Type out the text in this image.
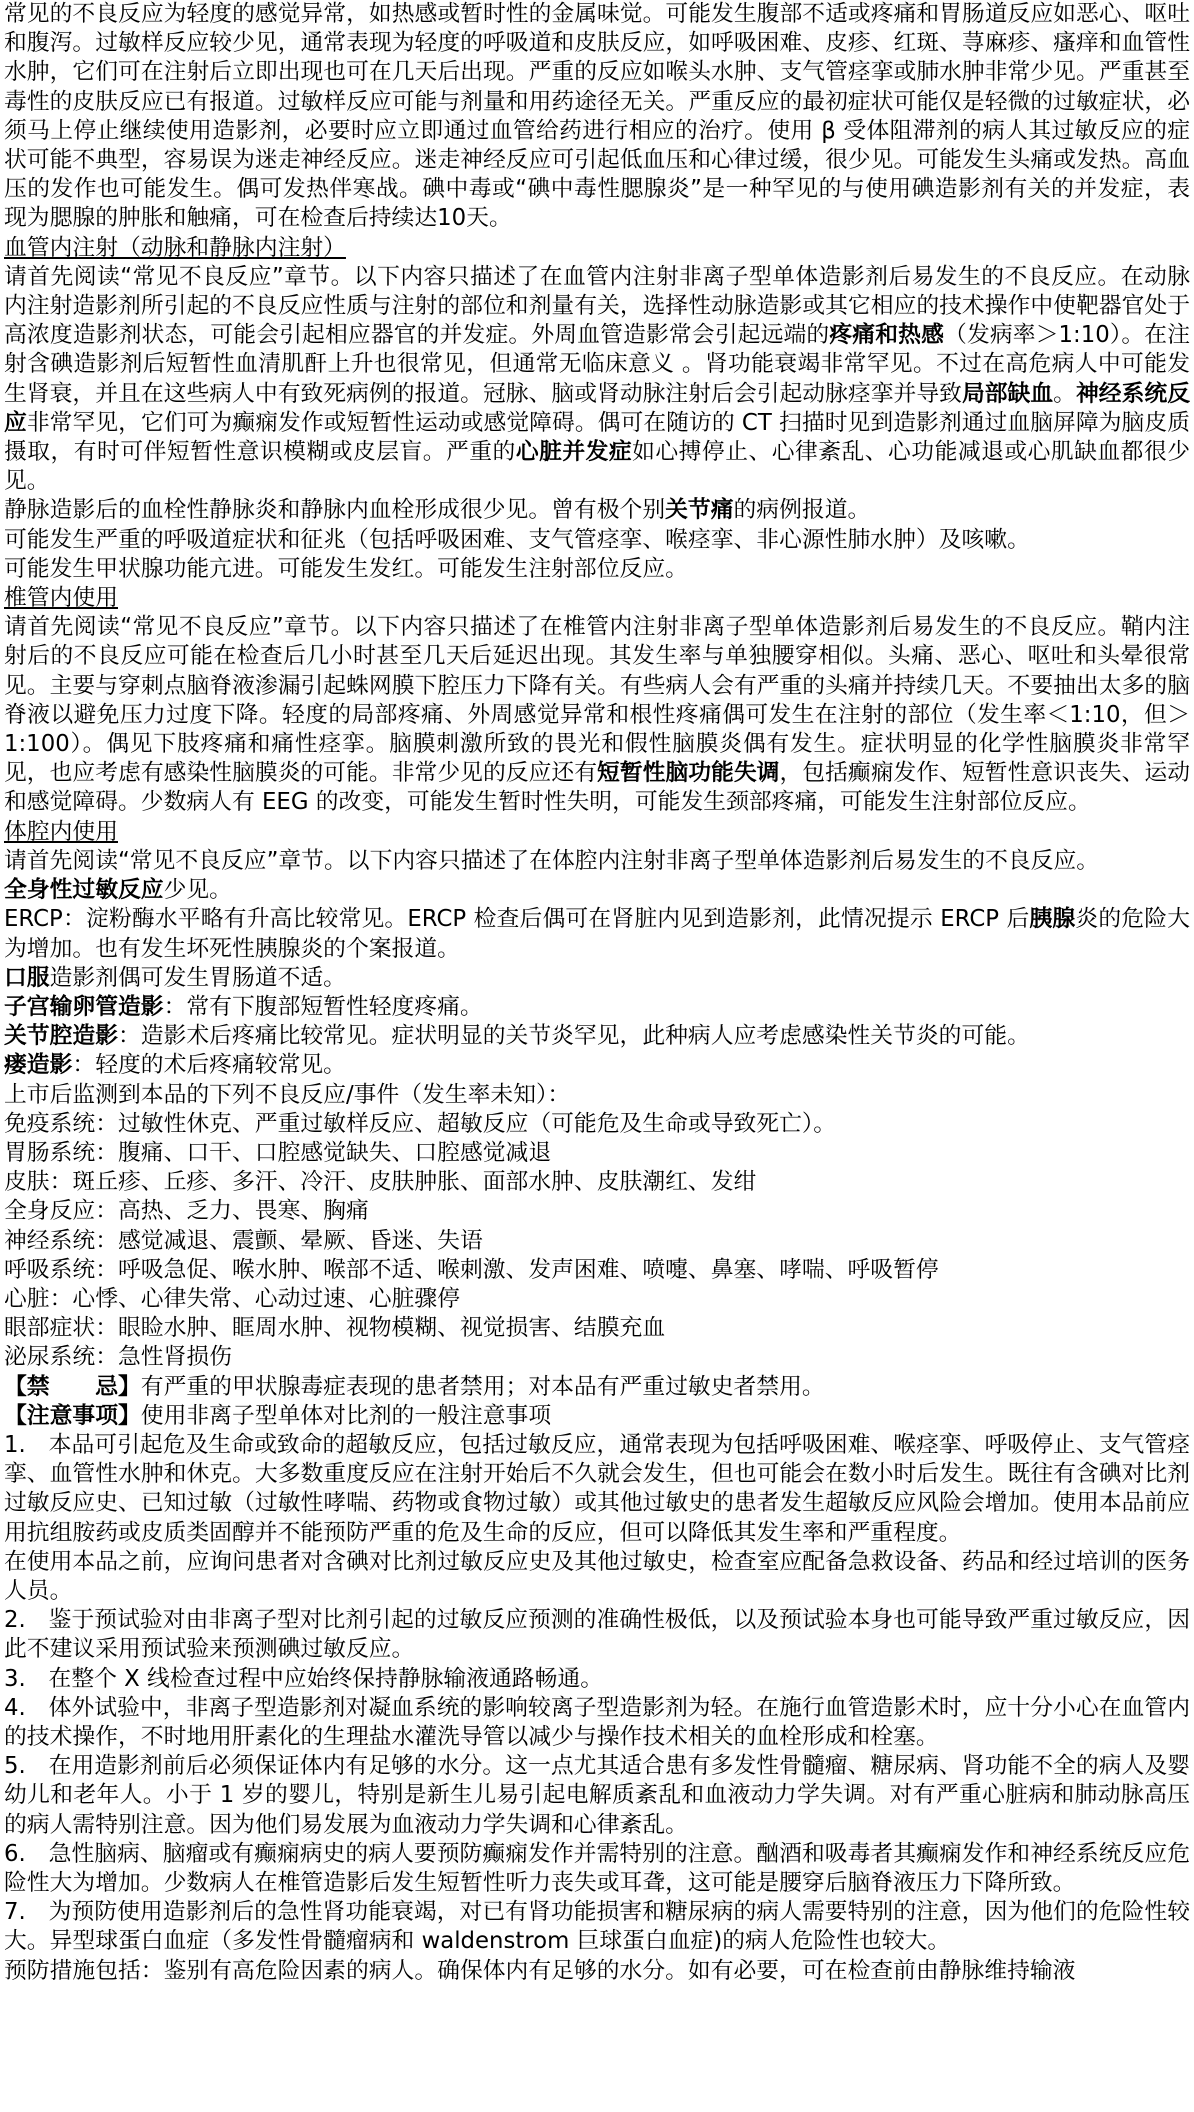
常见的不良反应为轻度的感觉异常，如热感或暂时性的金属味觉。可能发生腹部不适或疼痛和胃肠道反应如恶心、呕吐和腹泻。过敏样反应较少见，通常表现为轻度的呼吸道和皮肤反应，如呼吸困难、皮疹、红斑、荨麻疹、瘙痒和血管性水肿，它们可在注射后立即出现也可在几天后出现。严重的反应如喉头水肿、支气管痉挛或肺水肿非常少见。严重甚至毒性的皮肤反应已有报道。过敏样反应可能与剂量和用药途径无关。严重反应的最初症状可能仅是轻微的过敏症状，必须马上停止继续使用造影剂，必要时应立即通过血管给药进行相应的治疗。使用 β 受体阻滞剂的病人其过敏反应的症状可能不典型，容易误为迷走神经反应。迷走神经反应可引起低血压和心律过缓，很少见。可能发生头痛或发热。高血压的发作也可能发生。偶可发热伴寒战。碘中毒或“碘中毒性腮腺炎”是一种罕见的与使用碘造影剂有关的并发症，表现为腮腺的肿胀和触痛，可在检查后持续达10天。

血管内注射（动脉和静脉内注射）

请首先阅读“常见不良反应”章节。以下内容只描述了在血管内注射非离子型单体造影剂后易发生的不良反应。在动脉内注射造影剂所引起的不良反应性质与注射的部位和剂量有关，选择性动脉造影或其它相应的技术操作中使靶器官处于高浓度造影剂状态，可能会引起相应器官的并发症。外周血管造影常会引起远端的疼痛和热感（发病率＞1:10）。在注射含碘造影剂后短暂性血清肌酐上升也很常见，但通常无临床意义 。肾功能衰竭非常罕见。不过在高危病人中可能发生肾衰，并且在这些病人中有致死病例的报道。冠脉、脑或肾动脉注射后会引起动脉痉挛并导致局部缺血。神经系统反应非常罕见，它们可为癫痫发作或短暂性运动或感觉障碍。偶可在随访的 CT 扫描时见到造影剂通过血脑屏障为脑皮质摄取，有时可伴短暂性意识模糊或皮层盲。严重的心脏并发症如心搏停止、心律紊乱、心功能减退或心肌缺血都很少见。

静脉造影后的血栓性静脉炎和静脉内血栓形成很少见。曾有极个别关节痛的病例报道。

可能发生严重的呼吸道症状和征兆（包括呼吸困难、支气管痉挛、喉痉挛、非心源性肺水肿）及咳嗽。

可能发生甲状腺功能亢进。可能发生发红。可能发生注射部位反应。

椎管内使用

请首先阅读“常见不良反应”章节。以下内容只描述了在椎管内注射非离子型单体造影剂后易发生的不良反应。鞘内注射后的不良反应可能在检查后几小时甚至几天后延迟出现。其发生率与单独腰穿相似。头痛、恶心、呕吐和头晕很常见。主要与穿刺点脑脊液渗漏引起蛛网膜下腔压力下降有关。有些病人会有严重的头痛并持续几天。不要抽出太多的脑脊液以避免压力过度下降。轻度的局部疼痛、外周感觉异常和根性疼痛偶可发生在注射的部位（发生率＜1:10，但＞1:100）。偶见下肢疼痛和痛性痉挛。脑膜刺激所致的畏光和假性脑膜炎偶有发生。症状明显的化学性脑膜炎非常罕见，也应考虑有感染性脑膜炎的可能。非常少见的反应还有短暂性脑功能失调，包括癫痫发作、短暂性意识丧失、运动和感觉障碍。少数病人有 EEG 的改变，可能发生暂时性失明，可能发生颈部疼痛，可能发生注射部位反应。

体腔内使用

请首先阅读“常见不良反应”章节。以下内容只描述了在体腔内注射非离子型单体造影剂后易发生的不良反应。

全身性过敏反应少见。

ERCP：淀粉酶水平略有升高比较常见。ERCP 检查后偶可在肾脏内见到造影剂，此情况提示 ERCP 后胰腺炎的危险大为增加。也有发生坏死性胰腺炎的个案报道。

口服造影剂偶可发生胃肠道不适。

子宫输卵管造影：常有下腹部短暂性轻度疼痛。

关节腔造影：造影术后疼痛比较常见。症状明显的关节炎罕见，此种病人应考虑感染性关节炎的可能。

瘘造影：轻度的术后疼痛较常见。

上市后监测到本品的下列不良反应/事件（发生率未知）：

免疫系统：过敏性休克、严重过敏样反应、超敏反应（可能危及生命或导致死亡）。

胃肠系统：腹痛、口干、口腔感觉缺失、口腔感觉减退

皮肤：斑丘疹、丘疹、多汗、冷汗、皮肤肿胀、面部水肿、皮肤潮红、发绀

全身反应：高热、乏力、畏寒、胸痛

神经系统：感觉减退、震颤、晕厥、昏迷、失语

呼吸系统：呼吸急促、喉水肿、喉部不适、喉刺激、发声困难、喷嚏、鼻塞、哮喘、呼吸暂停

心脏：心悸、心律失常、心动过速、心脏骤停

眼部症状：眼睑水肿、眶周水肿、视物模糊、视觉损害、结膜充血

泌尿系统：急性肾损伤

【禁　　忌】有严重的甲状腺毒症表现的患者禁用；对本品有严重过敏史者禁用。

【注意事项】使用非离子型单体对比剂的一般注意事项

1.　本品可引起危及生命或致命的超敏反应，包括过敏反应，通常表现为包括呼吸困难、喉痉挛、呼吸停止、支气管痉挛、血管性水肿和休克。大多数重度反应在注射开始后不久就会发生，但也可能会在数小时后发生。既往有含碘对比剂过敏反应史、已知过敏（过敏性哮喘、药物或食物过敏）或其他过敏史的患者发生超敏反应风险会增加。使用本品前应用抗组胺药或皮质类固醇并不能预防严重的危及生命的反应，但可以降低其发生率和严重程度。

在使用本品之前，应询问患者对含碘对比剂过敏反应史及其他过敏史，检查室应配备急救设备、药品和经过培训的医务人员。

2.　鉴于预试验对由非离子型对比剂引起的过敏反应预测的准确性极低，以及预试验本身也可能导致严重过敏反应，因此不建议采用预试验来预测碘过敏反应。

3.　在整个 X 线检查过程中应始终保持静脉输液通路畅通。

4.　体外试验中，非离子型造影剂对凝血系统的影响较离子型造影剂为轻。在施行血管造影术时，应十分小心在血管内的技术操作，不时地用肝素化的生理盐水灌洗导管以减少与操作技术相关的血栓形成和栓塞。

5.　在用造影剂前后必须保证体内有足够的水分。这一点尤其适合患有多发性骨髓瘤、糖尿病、肾功能不全的病人及婴幼儿和老年人。小于 1 岁的婴儿，特别是新生儿易引起电解质紊乱和血液动力学失调。对有严重心脏病和肺动脉高压的病人需特别注意。因为他们易发展为血液动力学失调和心律紊乱。

6.　急性脑病、脑瘤或有癫痫病史的病人要预防癫痫发作并需特别的注意。酗酒和吸毒者其癫痫发作和神经系统反应危险性大为增加。少数病人在椎管造影后发生短暂性听力丧失或耳聋，这可能是腰穿后脑脊液压力下降所致。

7.　为预防使用造影剂后的急性肾功能衰竭，对已有肾功能损害和糖尿病的病人需要特别的注意，因为他们的危险性较大。异型球蛋白血症（多发性骨髓瘤病和 waldenstrom 巨球蛋白血症)的病人危险性也较大。

预防措施包括：鉴别有高危险因素的病人。确保体内有足够的水分。如有必要，可在检查前由静脉维持输液
